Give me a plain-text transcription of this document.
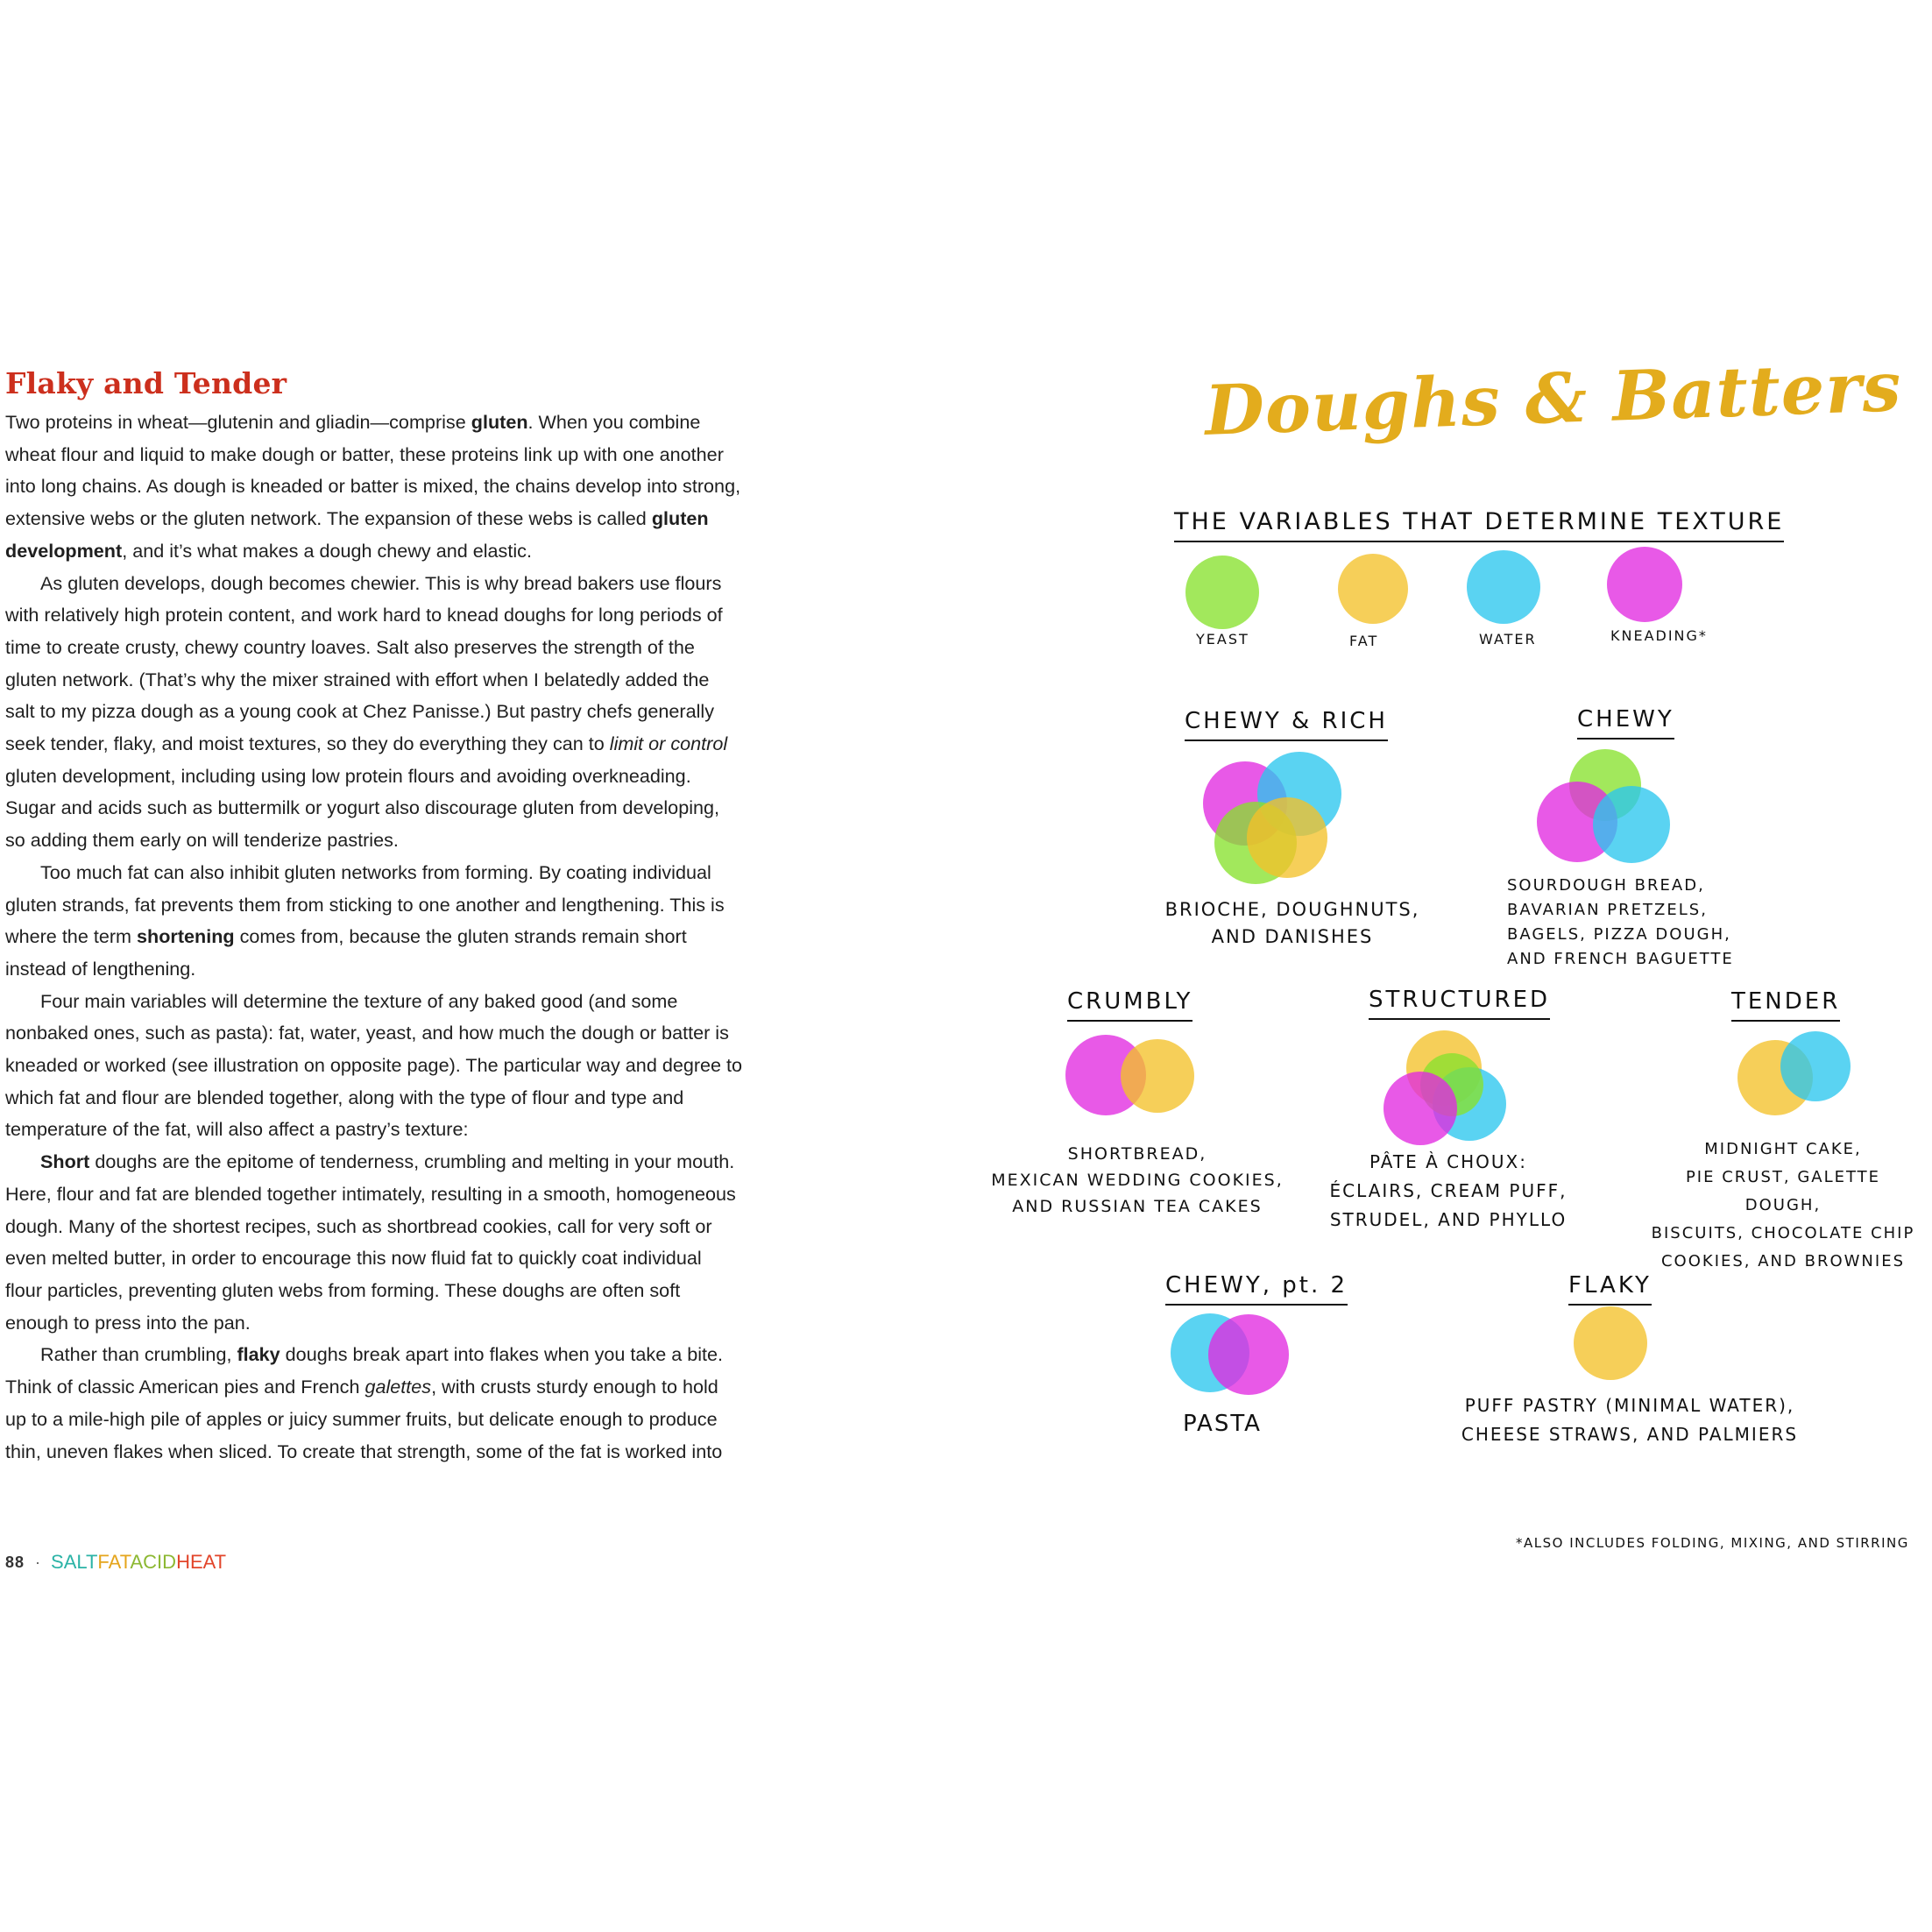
Flaky and Tender

Two proteins in wheat—glutenin and gliadin—comprise gluten. When you combine wheat flour and liquid to make dough or batter, these proteins link up with one another into long chains. As dough is kneaded or batter is mixed, the chains develop into strong, extensive webs or the gluten network. The expansion of these webs is called gluten development, and it’s what makes a dough chewy and elastic.

As gluten develops, dough becomes chewier. This is why bread bakers use flours with relatively high protein content, and work hard to knead doughs for long periods of time to create crusty, chewy country loaves. Salt also preserves the strength of the gluten network. (That’s why the mixer strained with effort when I belatedly added the salt to my pizza dough as a young cook at Chez Panisse.) But pastry chefs generally seek tender, flaky, and moist textures, so they do everything they can to limit or control gluten development, including using low protein flours and avoiding overkneading. Sugar and acids such as buttermilk or yogurt also discourage gluten from developing, so adding them early on will tenderize pastries.

Too much fat can also inhibit gluten networks from forming. By coating individual gluten strands, fat prevents them from sticking to one another and lengthening. This is where the term shortening comes from, because the gluten strands remain short instead of lengthening.

Four main variables will determine the texture of any baked good (and some nonbaked ones, such as pasta): fat, water, yeast, and how much the dough or batter is kneaded or worked (see illustration on opposite page). The particular way and degree to which fat and flour are blended together, along with the type of flour and type and temperature of the fat, will also affect a pastry’s texture:

Short doughs are the epitome of tenderness, crumbling and melting in your mouth. Here, flour and fat are blended together intimately, resulting in a smooth, homogeneous dough. Many of the shortest recipes, such as shortbread cookies, call for very soft or even melted butter, in order to encourage this now fluid fat to quickly coat individual flour particles, preventing gluten webs from forming. These doughs are often soft enough to press into the pan.

Rather than crumbling, flaky doughs break apart into flakes when you take a bite. Think of classic American pies and French galettes, with crusts sturdy enough to hold up to a mile-high pile of apples or juicy summer fruits, but delicate enough to produce thin, uneven flakes when sliced. To create that strength, some of the fat is worked into

88 · SALTFATACIDHEAT
Doughs & Batters
THE VARIABLES THAT DETERMINE TEXTURE
YEAST	FAT	WATER	KNEADING*
CHEWY & RICH	CHEWY
CRUMBLY	STRUCTURED	TENDER
CHEWY, pt. 2	FLAKY
BRIOCHE, DOUGHNUTS,
AND DANISHES
SOURDOUGH BREAD,
BAVARIAN PRETZELS,
BAGELS, PIZZA DOUGH,
AND FRENCH BAGUETTE
SHORTBREAD,
MEXICAN WEDDING COOKIES,
AND RUSSIAN TEA CAKES
PÂTE À CHOUX:
ÉCLAIRS, CREAM PUFF,
STRUDEL, AND PHYLLO
MIDNIGHT CAKE,
PIE CRUST, GALETTE DOUGH,
BISCUITS, CHOCOLATE CHIP
COOKIES, AND BROWNIES
PASTA
PUFF PASTRY (MINIMAL WATER),
CHEESE STRAWS, AND PALMIERS
*ALSO INCLUDES FOLDING, MIXING, AND STIRRING
